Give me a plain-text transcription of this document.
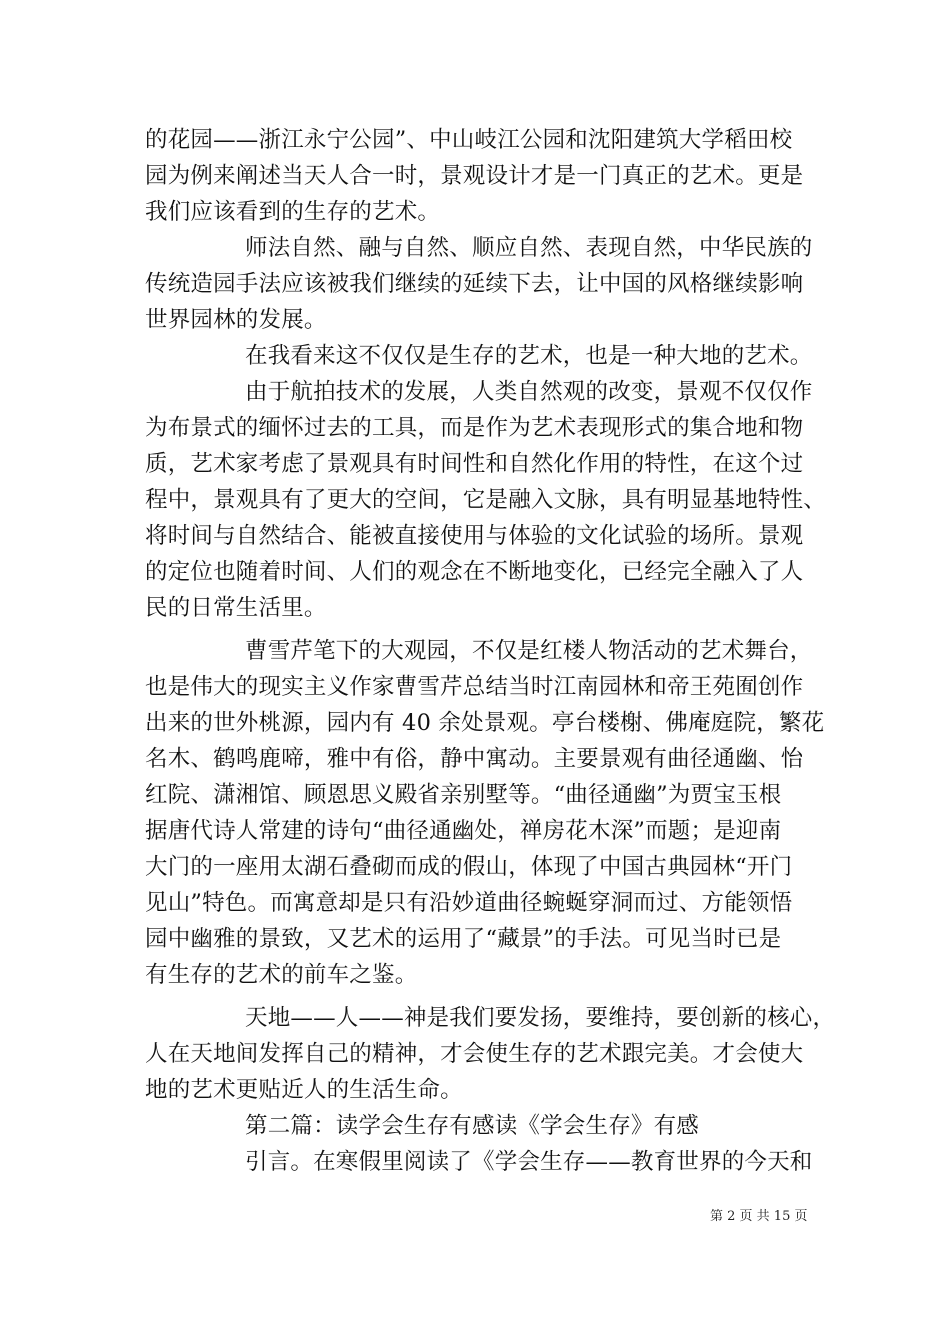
的花园——浙江永宁公园”、中山岐江公园和沈阳建筑大学稻田校
园为例来阐述当天人合一时，景观设计才是一门真正的艺术。更是
我们应该看到的生存的艺术。
师法自然、融与自然、顺应自然、表现自然，中华民族的
传统造园手法应该被我们继续的延续下去，让中国的风格继续影响
世界园林的发展。
在我看来这不仅仅是生存的艺术，也是一种大地的艺术。
由于航拍技术的发展，人类自然观的改变，景观不仅仅作
为布景式的缅怀过去的工具，而是作为艺术表现形式的集合地和物
质，艺术家考虑了景观具有时间性和自然化作用的特性，在这个过
程中，景观具有了更大的空间，它是融入文脉，具有明显基地特性、
将时间与自然结合、能被直接使用与体验的文化试验的场所。景观
的定位也随着时间、人们的观念在不断地变化，已经完全融入了人
民的日常生活里。
曹雪芹笔下的大观园，不仅是红楼人物活动的艺术舞台，
也是伟大的现实主义作家曹雪芹总结当时江南园林和帝王苑囿创作
出来的世外桃源，园内有 40 余处景观。亭台楼榭、佛庵庭院，繁花
名木、鹤鸣鹿啼，雅中有俗，静中寓动。主要景观有曲径通幽、怡
红院、潇湘馆、顾恩思义殿省亲别墅等。“曲径通幽”为贾宝玉根
据唐代诗人常建的诗句“曲径通幽处，禅房花木深”而题；是迎南
大门的一座用太湖石叠砌而成的假山，体现了中国古典园林“开门
见山”特色。而寓意却是只有沿妙道曲径蜿蜒穿洞而过、方能领悟
园中幽雅的景致，又艺术的运用了“藏景”的手法。可见当时已是
有生存的艺术的前车之鉴。
天地——人——神是我们要发扬，要维持，要创新的核心，
人在天地间发挥自己的精神，才会使生存的艺术跟完美。才会使大
地的艺术更贴近人的生活生命。
第二篇：读学会生存有感读《学会生存》有感
引言。在寒假里阅读了《学会生存——教育世界的今天和
第 2 页 共 15 页
